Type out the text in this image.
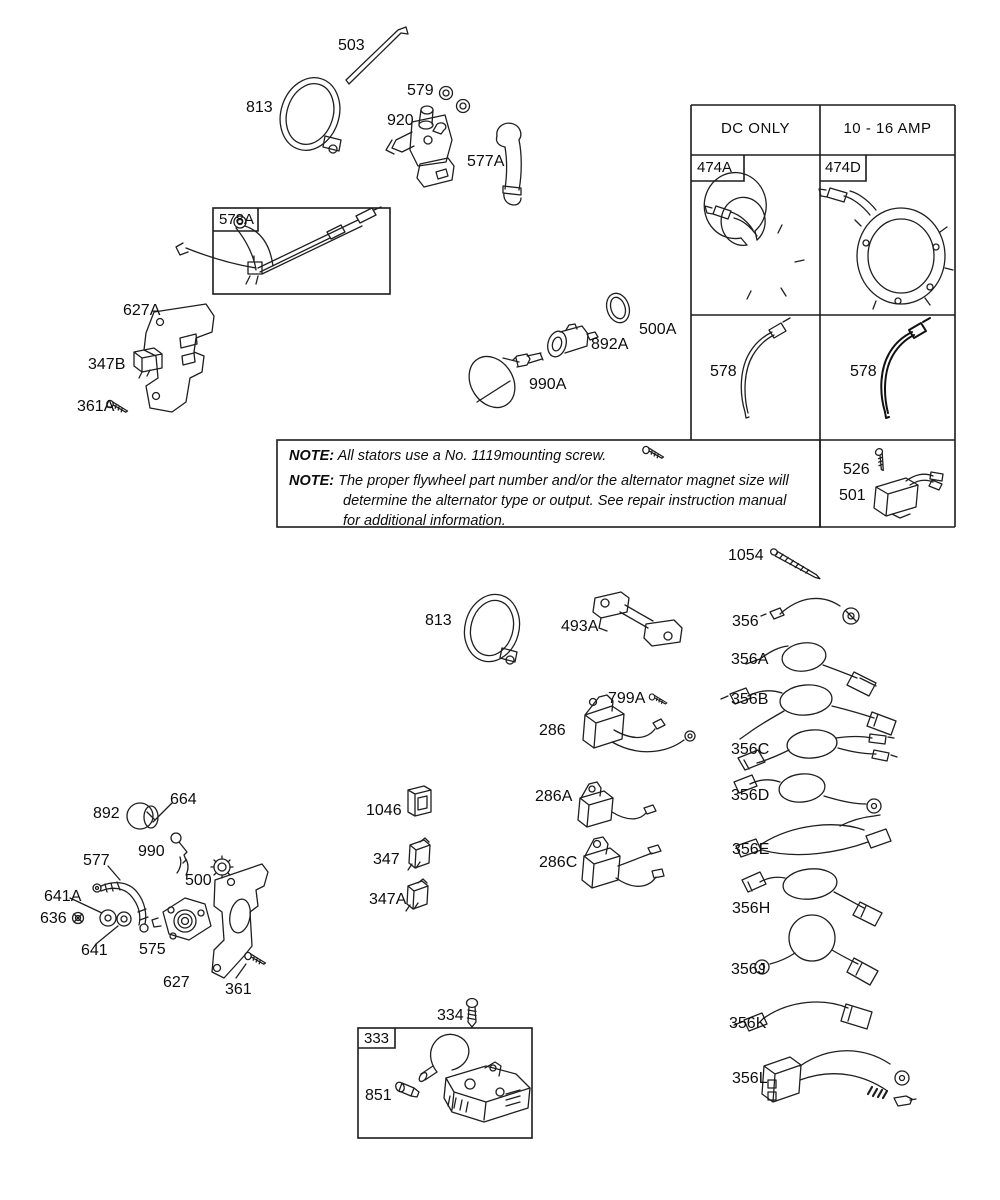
503
813
579
920
577A
578A
627A
347B
361A
500A
892A
990A
DC ONLY	10 - 16 AMP
474A	474D
578	578
526
501

NOTE: All stators use a No. 1119mounting screw.

NOTE: The proper flywheel part number and/or the alternator magnet size will determine the alternator type or output. See repair instruction manual for additional information.

1054
356
356A
356B
356C
356D
356E
356H
356J
356K
356L
813	493A
799A
286
286A
286C
1046
347
347A
892
664
990
577
500
641A
636
641 575
627 361
334
333
851
